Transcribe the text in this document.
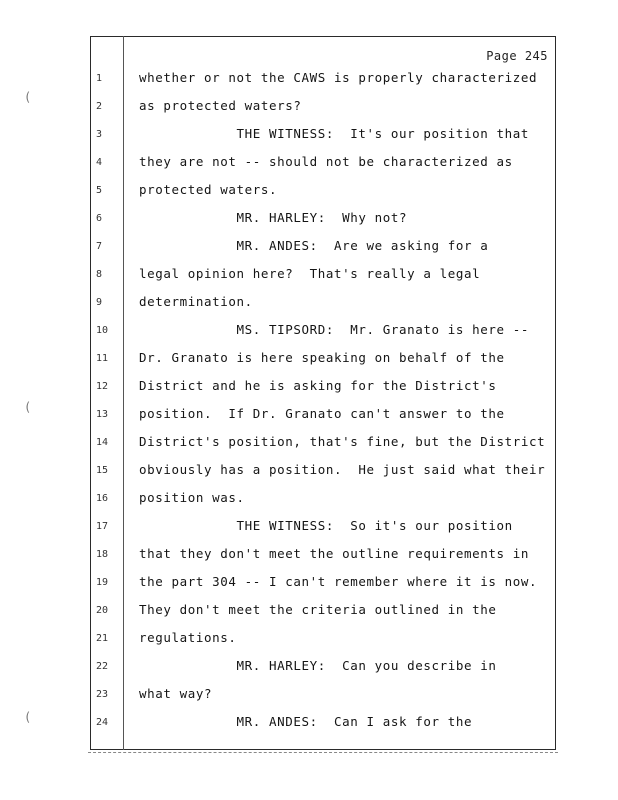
(
(
(
Page 245
1	whether or not the CAWS is properly characterized
2	as protected waters?
3	THE WITNESS:  It's our position that
4	they are not -- should not be characterized as
5	protected waters.
6	MR. HARLEY:  Why not?
7	MR. ANDES:  Are we asking for a
8	legal opinion here?  That's really a legal
9	determination.
10	MS. TIPSORD:  Mr. Granato is here --
11	Dr. Granato is here speaking on behalf of the
12	District and he is asking for the District's
13	position.  If Dr. Granato can't answer to the
14	District's position, that's fine, but the District
15	obviously has a position.  He just said what their
16	position was.
17	THE WITNESS:  So it's our position
18	that they don't meet the outline requirements in
19	the part 304 -- I can't remember where it is now.
20	They don't meet the criteria outlined in the
21	regulations.
22	MR. HARLEY:  Can you describe in
23	what way?
24	MR. ANDES:  Can I ask for the
